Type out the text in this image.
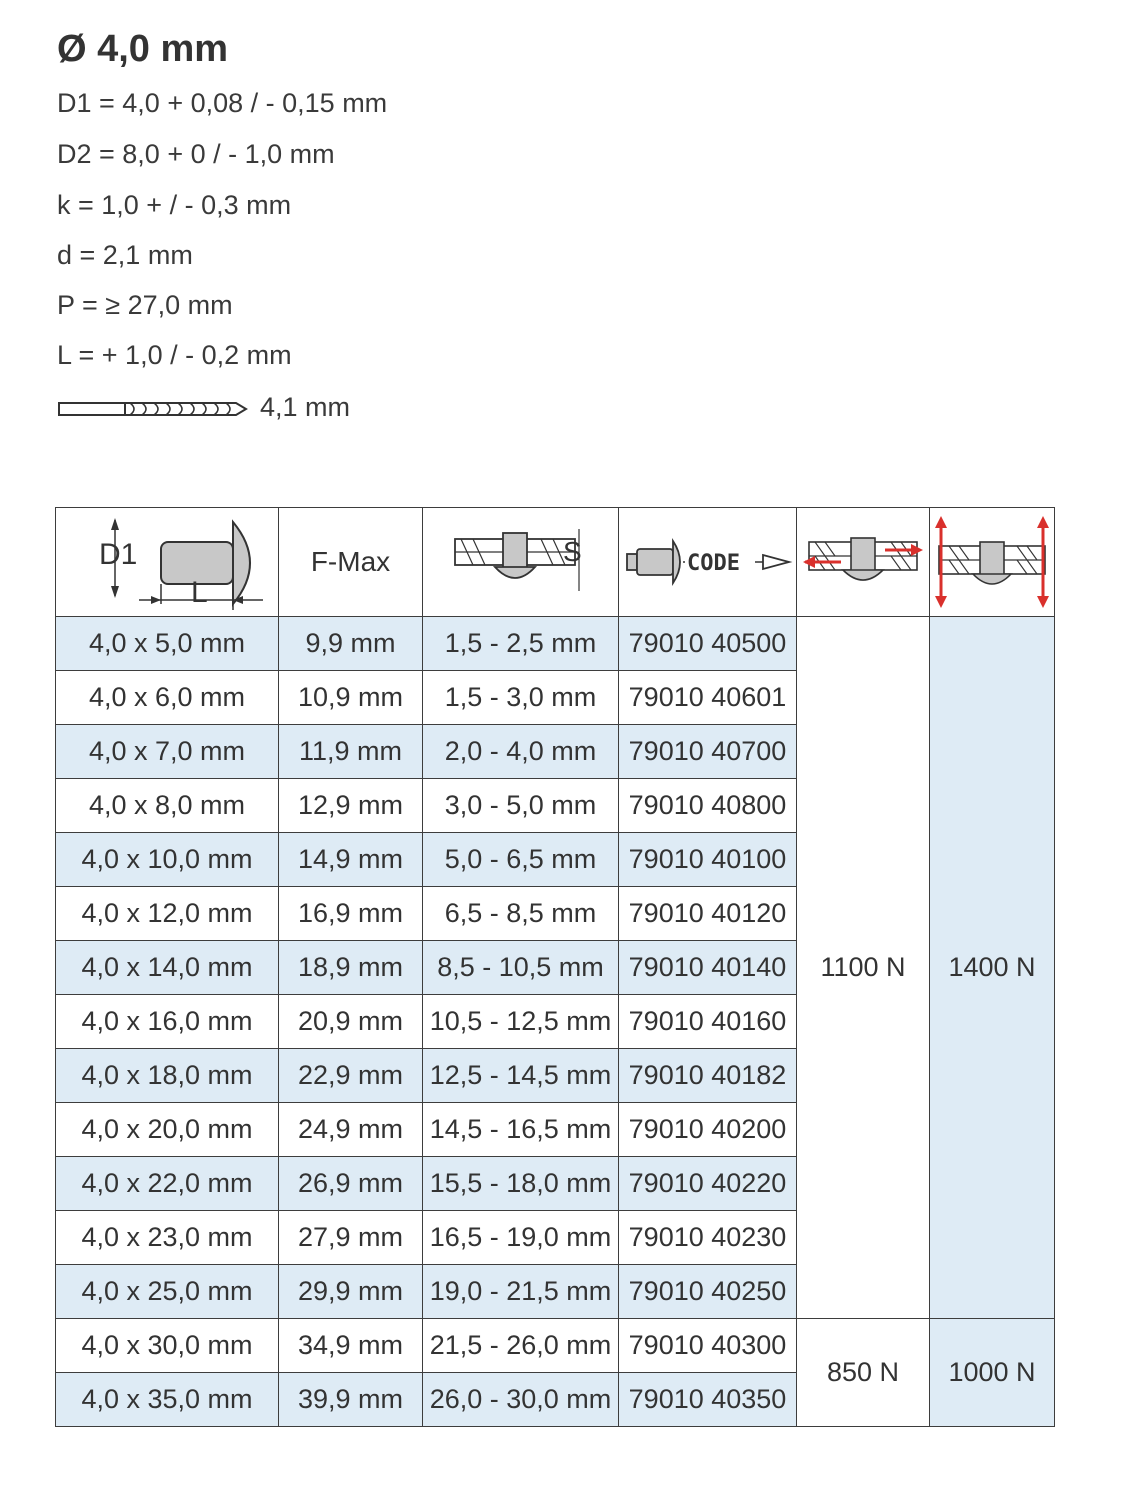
Ø 4,0 mm
D1 = 4,0 + 0,08 / - 0,15 mm
D2 = 8,0 + 0 / - 1,0 mm
k = 1,0 + / - 0,3 mm
d = 2,1 mm
P = ≥ 27,0 mm
L = + 1,0 / - 0,2 mm
4,1 mm
D1
L	F-Max	S	CODE

4,0 x 5,0 mm	9,9 mm	1,5 - 2,5 mm	79010 40500	1100 N	1400 N
4,0 x 6,0 mm	10,9 mm	1,5 - 3,0 mm	79010 40601		
4,0 x 7,0 mm	11,9 mm	2,0 - 4,0 mm	79010 40700		
4,0 x 8,0 mm	12,9 mm	3,0 - 5,0 mm	79010 40800		
4,0 x 10,0 mm	14,9 mm	5,0 - 6,5 mm	79010 40100		
4,0 x 12,0 mm	16,9 mm	6,5 - 8,5 mm	79010 40120		
4,0 x 14,0 mm	18,9 mm	8,5 - 10,5 mm	79010 40140		
4,0 x 16,0 mm	20,9 mm	10,5 - 12,5 mm	79010 40160		
4,0 x 18,0 mm	22,9 mm	12,5 - 14,5 mm	79010 40182		
4,0 x 20,0 mm	24,9 mm	14,5 - 16,5 mm	79010 40200		
4,0 x 22,0 mm	26,9 mm	15,5 - 18,0 mm	79010 40220		
4,0 x 23,0 mm	27,9 mm	16,5 - 19,0 mm	79010 40230		
4,0 x 25,0 mm	29,9 mm	19,0 - 21,5 mm	79010 40250		
4,0 x 30,0 mm	34,9 mm	21,5 - 26,0 mm	79010 40300	850 N	1000 N
4,0 x 35,0 mm	39,9 mm	26,0 - 30,0 mm	79010 40350		
